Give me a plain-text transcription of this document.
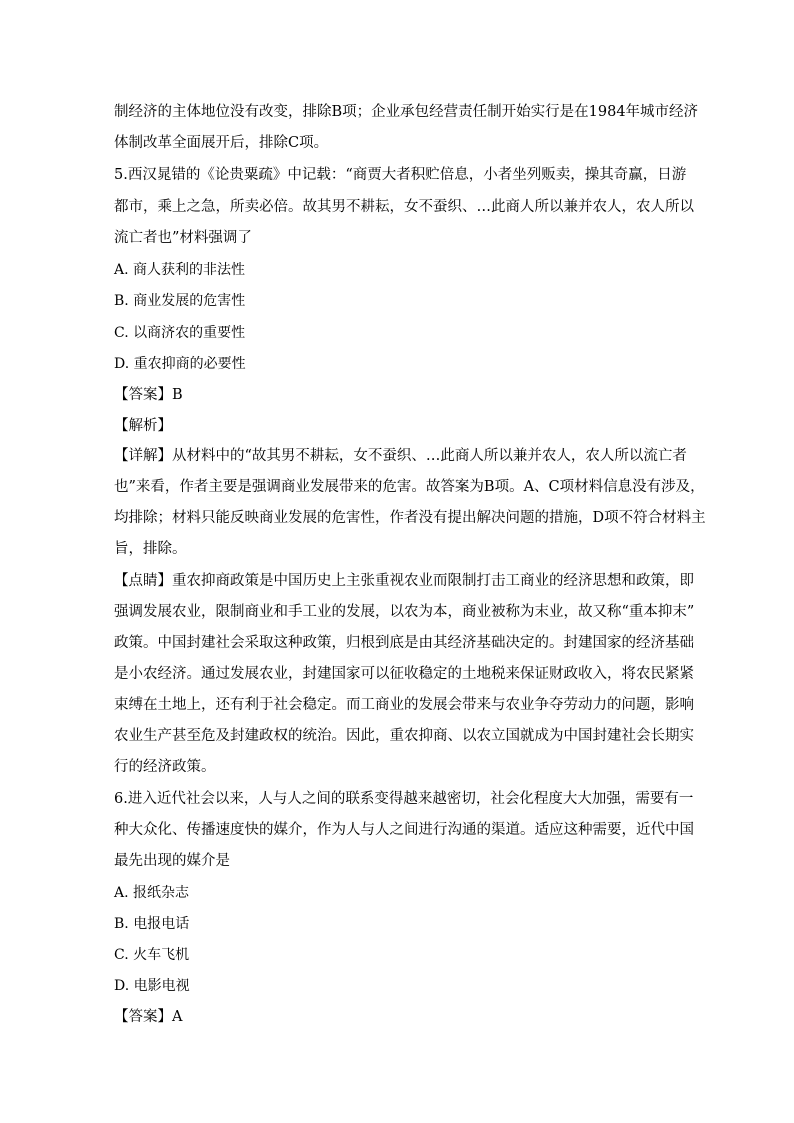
制经济的主体地位没有改变，排除B项；企业承包经营责任制开始实行是在1984年城市经济
体制改革全面展开后，排除C项。
5.西汉晁错的《论贵粟疏》中记载：“商贾大者积贮倍息，小者坐列贩卖，操其奇赢，日游
都市，乘上之急，所卖必倍。故其男不耕耘，女不蚕织、…此商人所以兼并农人，农人所以
流亡者也”材料强调了
A. 商人获利的非法性
B. 商业发展的危害性
C. 以商济农的重要性
D. 重农抑商的必要性
【答案】B
【解析】
【详解】从材料中的“故其男不耕耘，女不蚕织、…此商人所以兼并农人，农人所以流亡者
也”来看，作者主要是强调商业发展带来的危害。故答案为B项。A、C项材料信息没有涉及，
均排除；材料只能反映商业发展的危害性，作者没有提出解决问题的措施，D项不符合材料主
旨，排除。
【点睛】重农抑商政策是中国历史上主张重视农业而限制打击工商业的经济思想和政策，即
强调发展农业，限制商业和手工业的发展，以农为本，商业被称为末业，故又称“重本抑末”
政策。中国封建社会采取这种政策，归根到底是由其经济基础决定的。封建国家的经济基础
是小农经济。通过发展农业，封建国家可以征收稳定的土地税来保证财政收入，将农民紧紧
束缚在土地上，还有利于社会稳定。而工商业的发展会带来与农业争夺劳动力的问题，影响
农业生产甚至危及封建政权的统治。因此，重农抑商、以农立国就成为中国封建社会长期实
行的经济政策。
6.进入近代社会以来，人与人之间的联系变得越来越密切，社会化程度大大加强，需要有一
种大众化、传播速度快的媒介，作为人与人之间进行沟通的渠道。适应这种需要，近代中国
最先出现的媒介是
A. 报纸杂志
B. 电报电话
C. 火车飞机
D. 电影电视
【答案】A
